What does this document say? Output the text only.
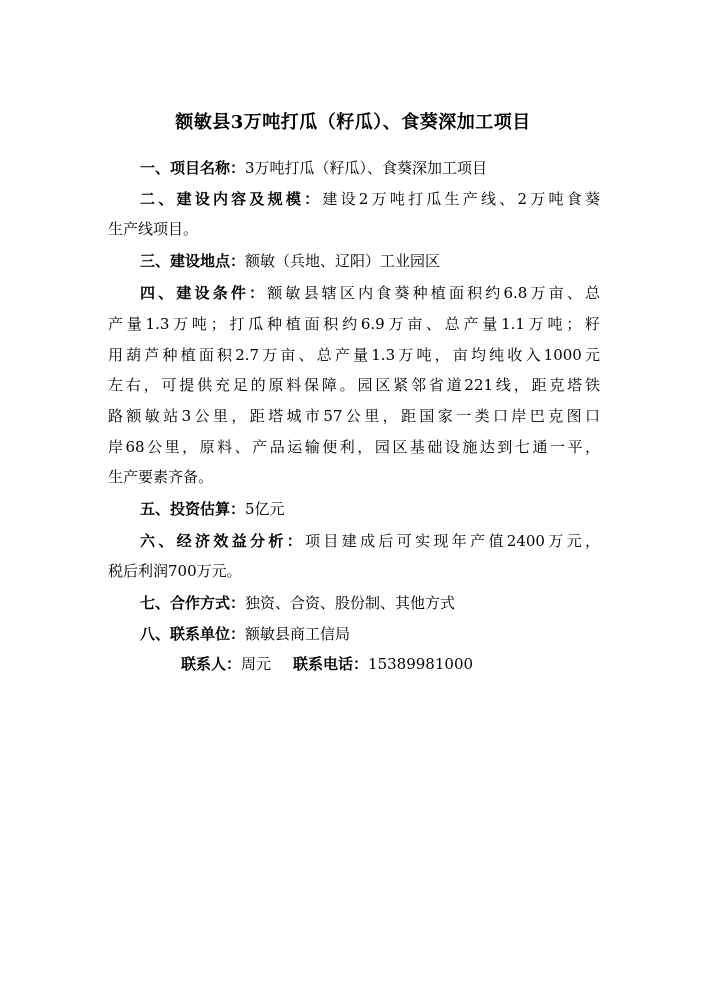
额敏县3万吨打瓜（籽瓜）、食葵深加工项目
一、项目名称：3万吨打瓜（籽瓜）、食葵深加工项目
二、建设内容及规模：建设2万吨打瓜生产线、2万吨食葵
生产线项目。
三、建设地点：额敏（兵地、辽阳）工业园区
四、建设条件：额敏县辖区内食葵种植面积约6.8万亩、总
产量1.3万吨；打瓜种植面积约6.9万亩、总产量1.1万吨；籽
用葫芦种植面积2.7万亩、总产量1.3万吨，亩均纯收入1000元
左右，可提供充足的原料保障。园区紧邻省道221线，距克塔铁
路额敏站3公里，距塔城市57公里，距国家一类口岸巴克图口
岸68公里，原料、产品运输便利，园区基础设施达到七通一平，
生产要素齐备。
五、投资估算：5亿元
六、经济效益分析：项目建成后可实现年产值2400万元，
税后利润700万元。
七、合作方式：独资、合资、股份制、其他方式
八、联系单位：额敏县商工信局
联系人：周元 联系电话：15389981000
